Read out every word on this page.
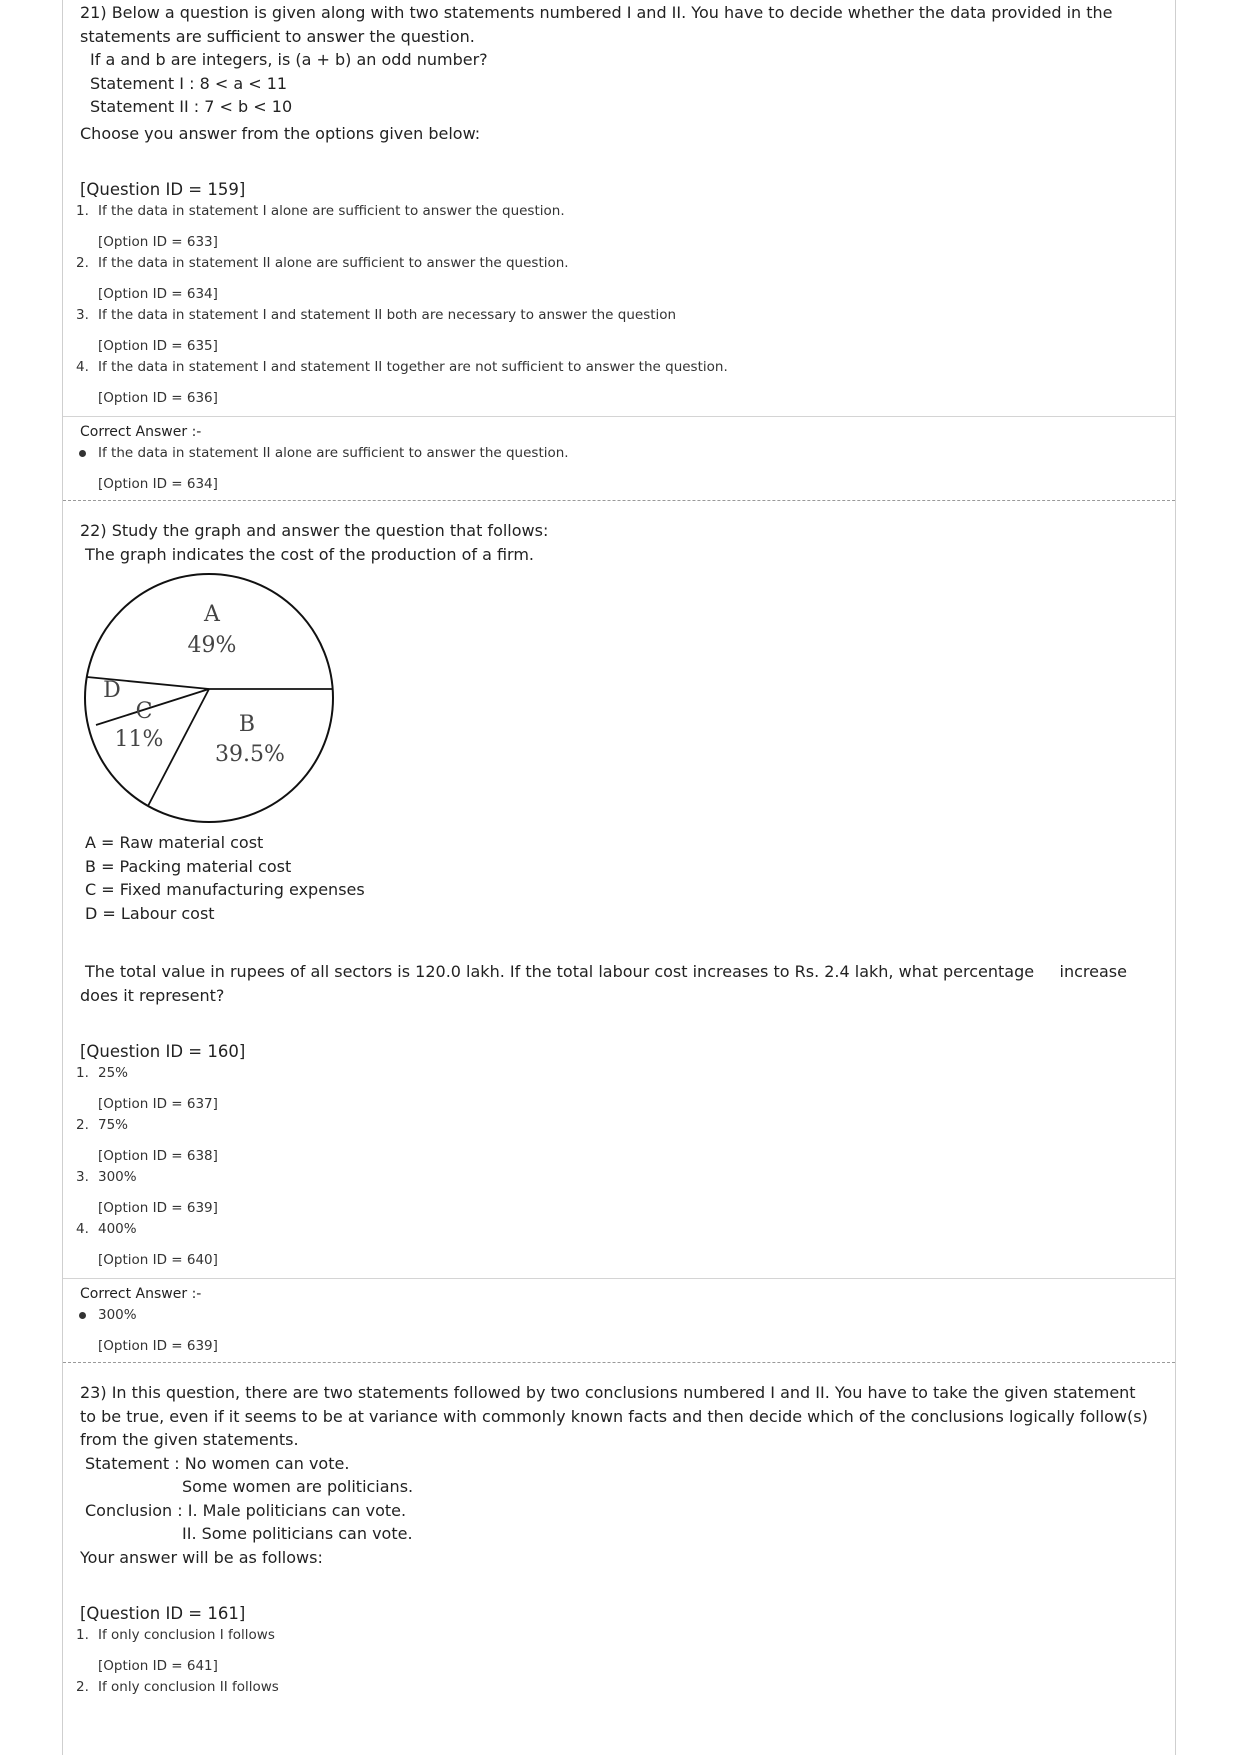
21) Below a question is given along with two statements numbered I and II. You have to decide whether the data provided in the
statements are sufficient to answer the question.
If a and b are integers, is (a + b) an odd number?
Statement I : 8 < a < 11
Statement II : 7 < b < 10
Choose you answer from the options given below:
[Question ID = 159]
1. If the data in statement I alone are sufficient to answer the question.
[Option ID = 633]
2. If the data in statement II alone are sufficient to answer the question.
[Option ID = 634]
3. If the data in statement I and statement II both are necessary to answer the question
[Option ID = 635]
4. If the data in statement I and statement II together are not sufficient to answer the question.
[Option ID = 636]
Correct Answer :-
If the data in statement II alone are sufficient to answer the question.
[Option ID = 634]
22) Study the graph and answer the question that follows:
The graph indicates the cost of the production of a firm.
A
49%
B
39.5%
C
11%
D
A = Raw material cost
B = Packing material cost
C = Fixed manufacturing expenses
D = Labour cost
The total value in rupees of all sectors is 120.0 lakh. If the total labour cost increases to Rs. 2.4 lakh, what percentage     increase
does it represent?
[Question ID = 160]
1. 25%
[Option ID = 637]
2. 75%
[Option ID = 638]
3. 300%
[Option ID = 639]
4. 400%
[Option ID = 640]
Correct Answer :-
300%
[Option ID = 639]
23) In this question, there are two statements followed by two conclusions numbered I and II. You have to take the given statement
to be true, even if it seems to be at variance with commonly known facts and then decide which of the conclusions logically follow(s)
from the given statements.
Statement : No women can vote.
Some women are politicians.
Conclusion : I. Male politicians can vote.
II. Some politicians can vote.
Your answer will be as follows:
[Question ID = 161]
1. If only conclusion I follows
[Option ID = 641]
2. If only conclusion II follows
